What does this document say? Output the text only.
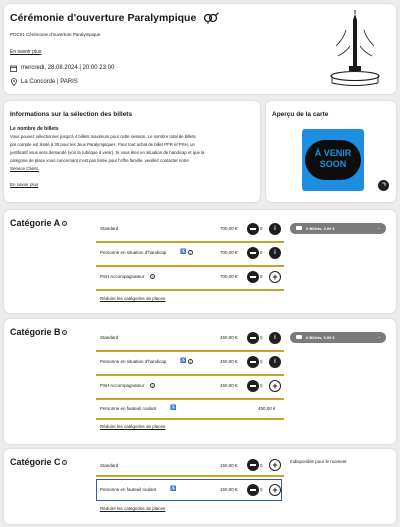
Cérémonie d'ouverture Paralympique
POC01 Cérémonie d'ouverture Paralympique
En savoir plus
mercredi, 28.08.2024 | 20:00 23:00
La Concorde | PARIS
Informations sur la sélection des billets
Le nombre de billets
Vous pouvez sélectionner jusqu'à 4 billets maximum pour cette session. Le nombre total de billets
par compte est limité à 30 pour les Jeux Paralympiques. Pour tout achat de billet PFR et PSH, un
justificatif vous sera demandé (voir la rubrique à venir). Si vous êtes en situation de handicap et que la
catégorie de place vous concernant n'est pas listée pour l'offre famille, veuillez contacter notre
Service Client.
En savoir plus
Aperçu de la carte
À VENIR
SOON
Catégorie A	i
Standard	700,00 €	0	i
Personne en situation d'handicap	♿	i	700,00 €	0	i
PSH Accompagnateur	i	700,00 €	0 +
Réduire les catégories de places
0 Billets, 0,00 €	→
Catégorie B	i
Standard	450,00 €	0	i
Personne en situation d'handicap	♿	i	450,00 €	0	i
PSH Accompagnateur	i	450,00 €	0 +
Personne en fauteuil roulant	♿	450,00 €
Réduire les catégories de places
0 Billets, 0,00 €	→
Catégorie C	i	Standard	150,00 €	0 +
Personne en fauteuil roulant	♿	150,00 €	0 +
Réduire les catégories de places
Indisponible pour le moment
